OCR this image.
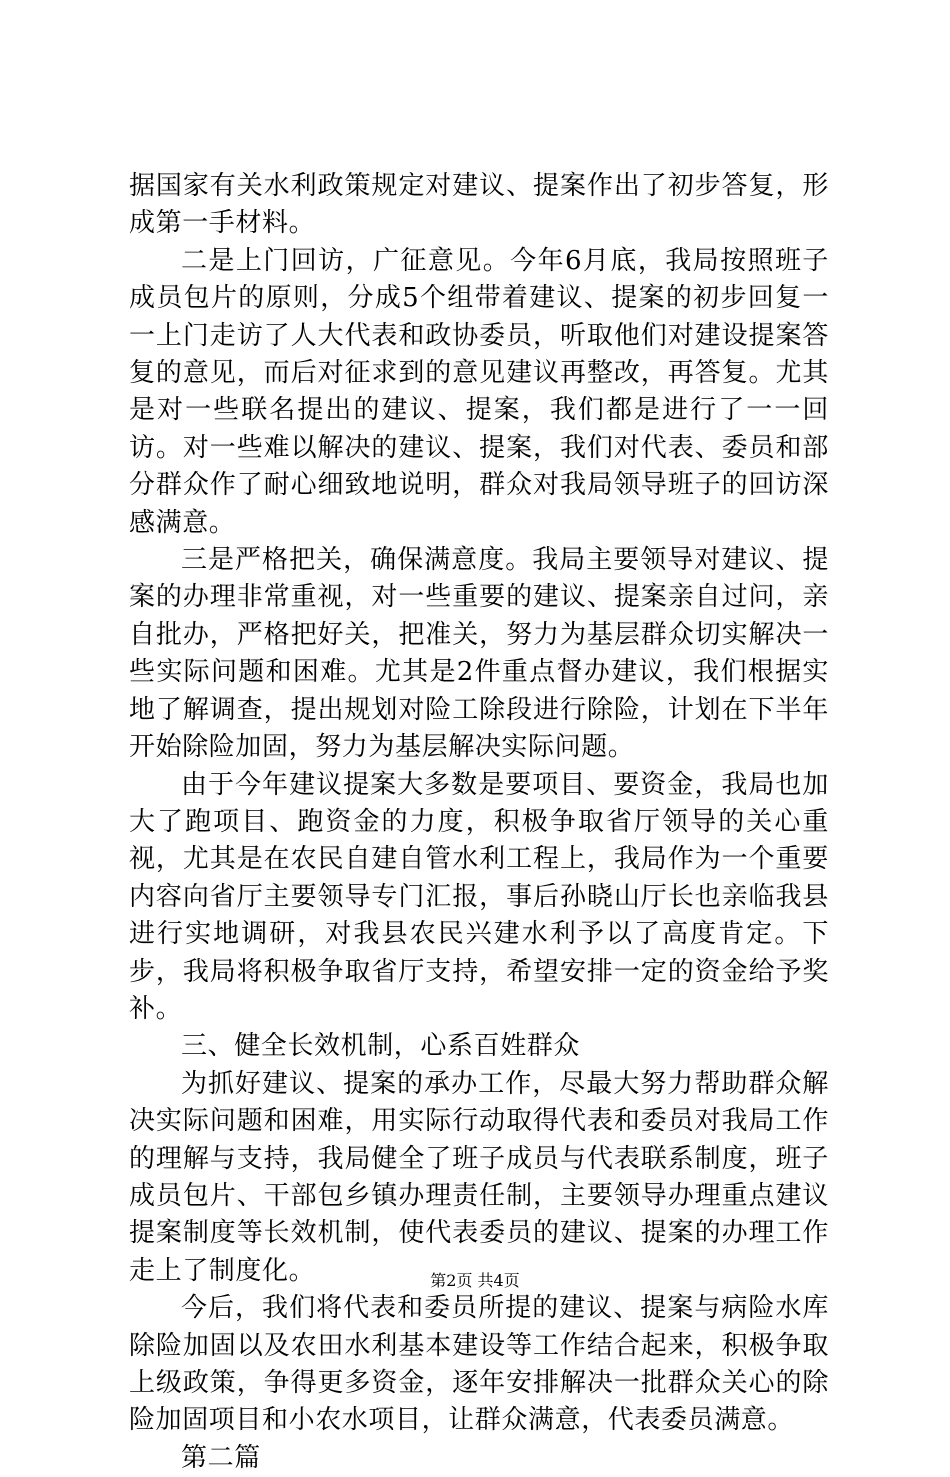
据国家有关水利政策规定对建议、提案作出了初步答复，形成第一手材料。

二是上门回访，广征意见。今年6月底，我局按照班子成员包片的原则，分成5个组带着建议、提案的初步回复一一上门走访了人大代表和政协委员，听取他们对建设提案答复的意见，而后对征求到的意见建议再整改，再答复。尤其是对一些联名提出的建议、提案，我们都是进行了一一回访。对一些难以解决的建议、提案，我们对代表、委员和部分群众作了耐心细致地说明，群众对我局领导班子的回访深感满意。

三是严格把关，确保满意度。我局主要领导对建议、提案的办理非常重视，对一些重要的建议、提案亲自过问，亲自批办，严格把好关，把准关，努力为基层群众切实解决一些实际问题和困难。尤其是2件重点督办建议，我们根据实地了解调查，提出规划对险工除段进行除险，计划在下半年开始除险加固，努力为基层解决实际问题。

由于今年建议提案大多数是要项目、要资金，我局也加大了跑项目、跑资金的力度，积极争取省厅领导的关心重视，尤其是在农民自建自管水利工程上，我局作为一个重要内容向省厅主要领导专门汇报，事后孙晓山厅长也亲临我县进行实地调研，对我县农民兴建水利予以了高度肯定。下步，我局将积极争取省厅支持，希望安排一定的资金给予奖补。

三、健全长效机制，心系百姓群众

为抓好建议、提案的承办工作，尽最大努力帮助群众解决实际问题和困难，用实际行动取得代表和委员对我局工作的理解与支持，我局健全了班子成员与代表联系制度，班子成员包片、干部包乡镇办理责任制，主要领导办理重点建议提案制度等长效机制，使代表委员的建议、提案的办理工作走上了制度化。

今后，我们将代表和委员所提的建议、提案与病险水库除险加固以及农田水利基本建设等工作结合起来，积极争取上级政策，争得更多资金，逐年安排解决一批群众关心的除险加固项目和小农水项目，让群众满意，代表委员满意。

第二篇

第2页 共4页
